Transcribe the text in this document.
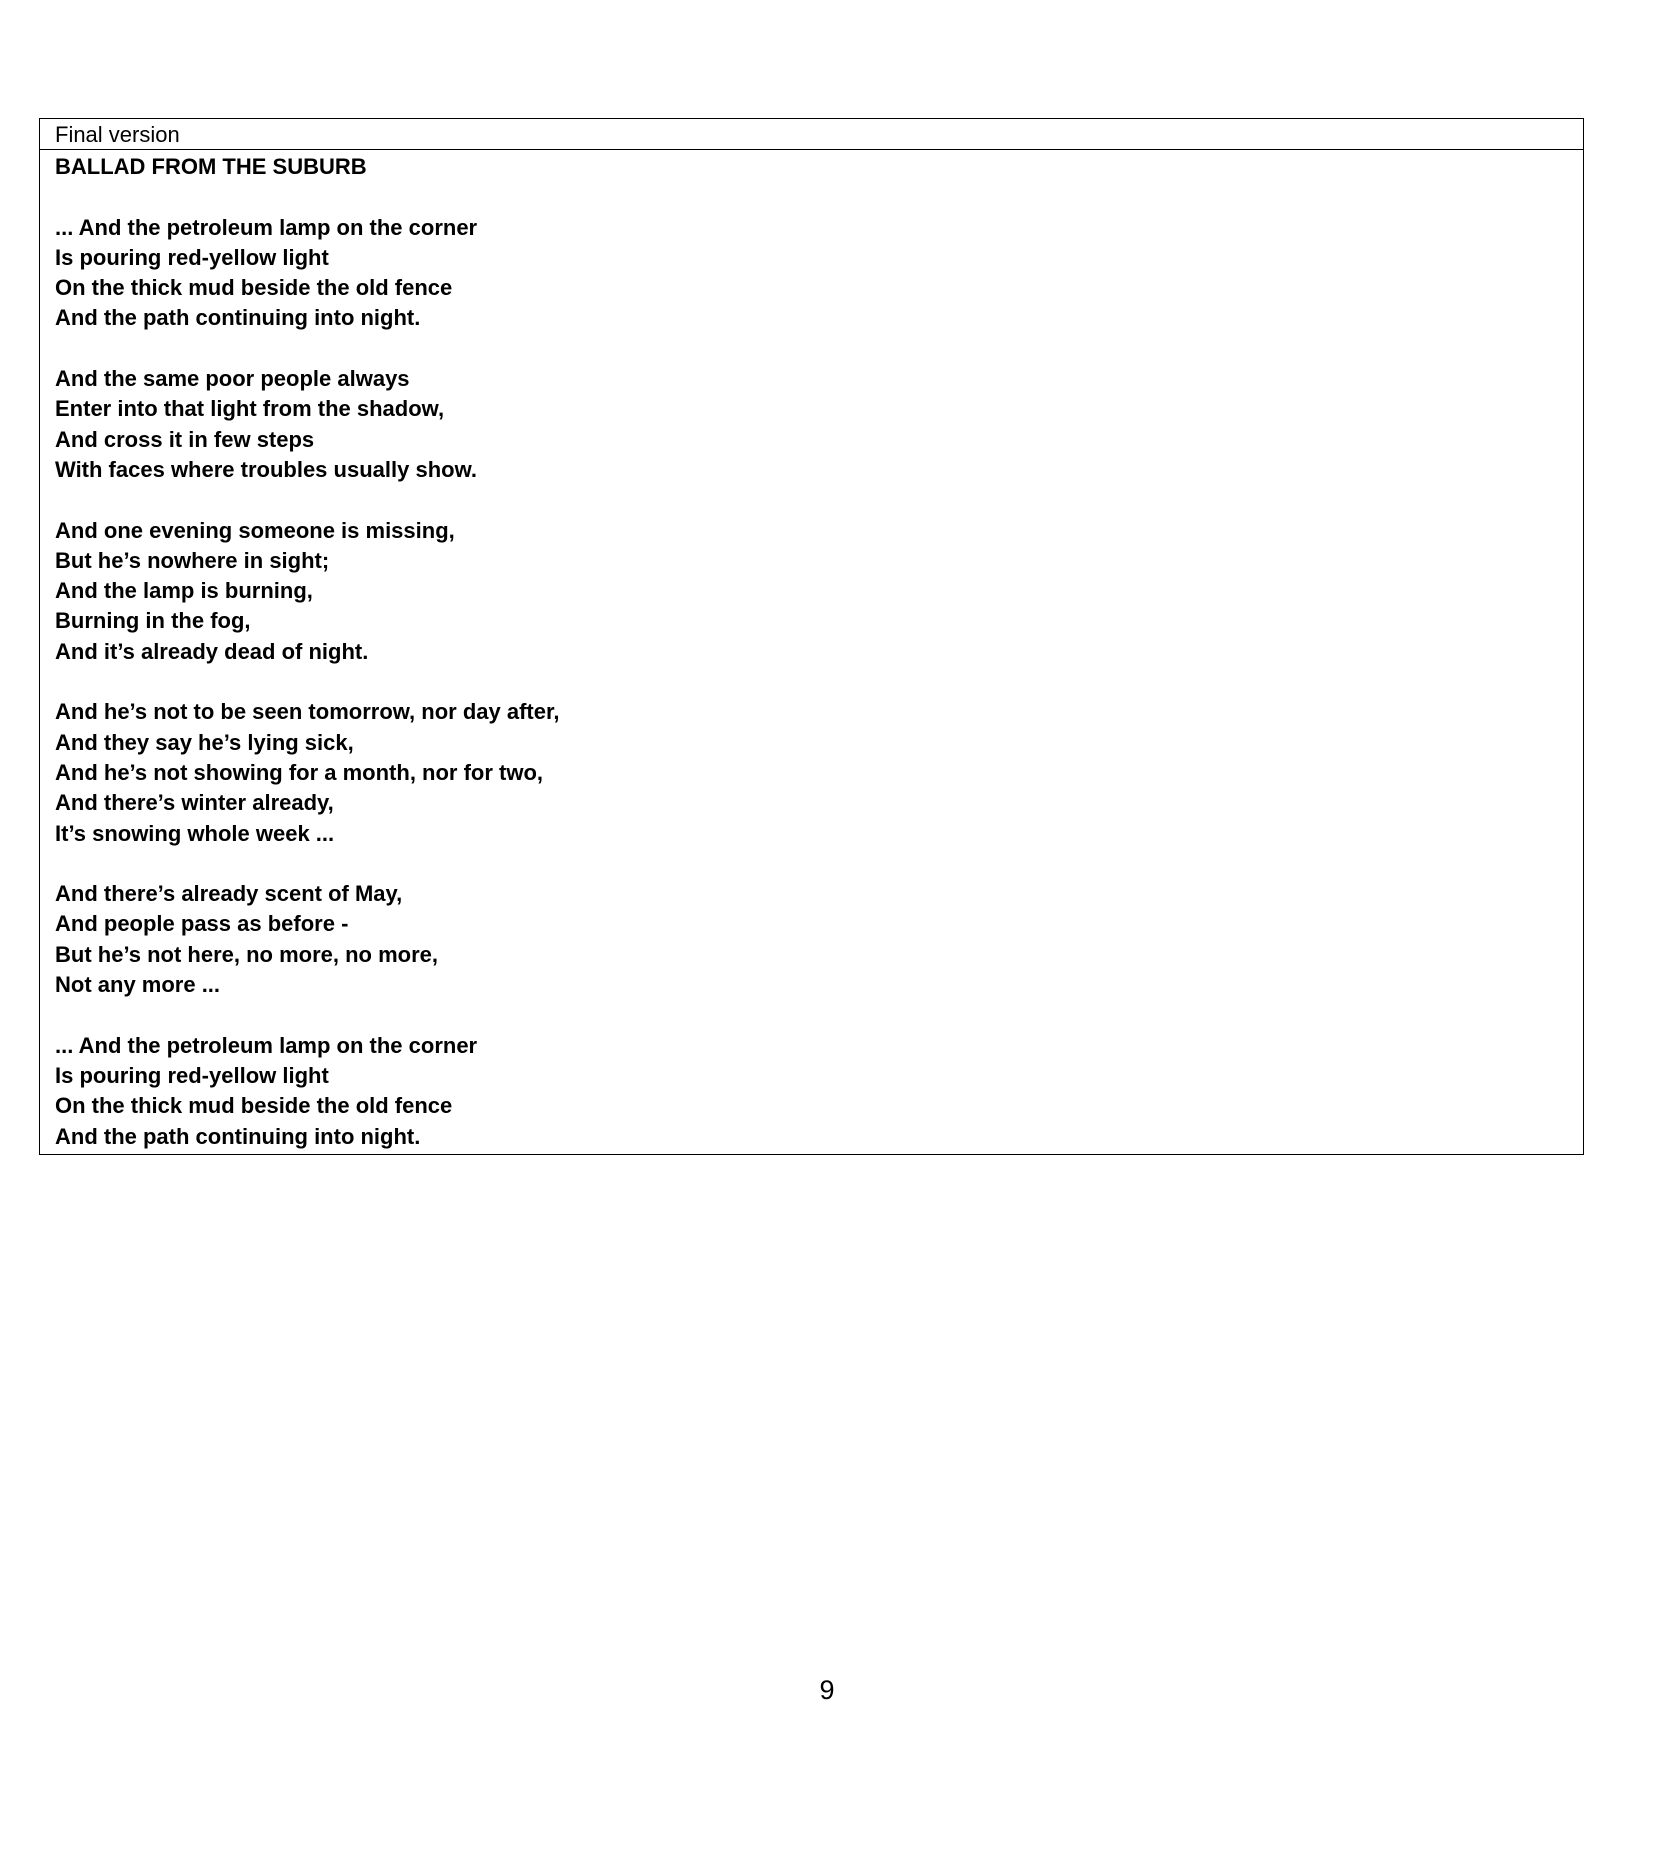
Final version
BALLAD FROM THE SUBURB
... And the petroleum lamp on the corner
Is pouring red-yellow light
On the thick mud beside the old fence
And the path continuing into night.
And the same poor people always
Enter into that light from the shadow,
And cross it in few steps
With faces where troubles usually show.
And one evening someone is missing,
But he’s nowhere in sight;
And the lamp is burning,
Burning in the fog,
And it’s already dead of night.
And he’s not to be seen tomorrow, nor day after,
And they say he’s lying sick,
And he’s not showing for a month, nor for two,
And there’s winter already,
It’s snowing whole week ...
And there’s already scent of May,
And people pass as before -
But he’s not here, no more, no more,
Not any more ...
... And the petroleum lamp on the corner
Is pouring red-yellow light
On the thick mud beside the old fence
And the path continuing into night.
9
